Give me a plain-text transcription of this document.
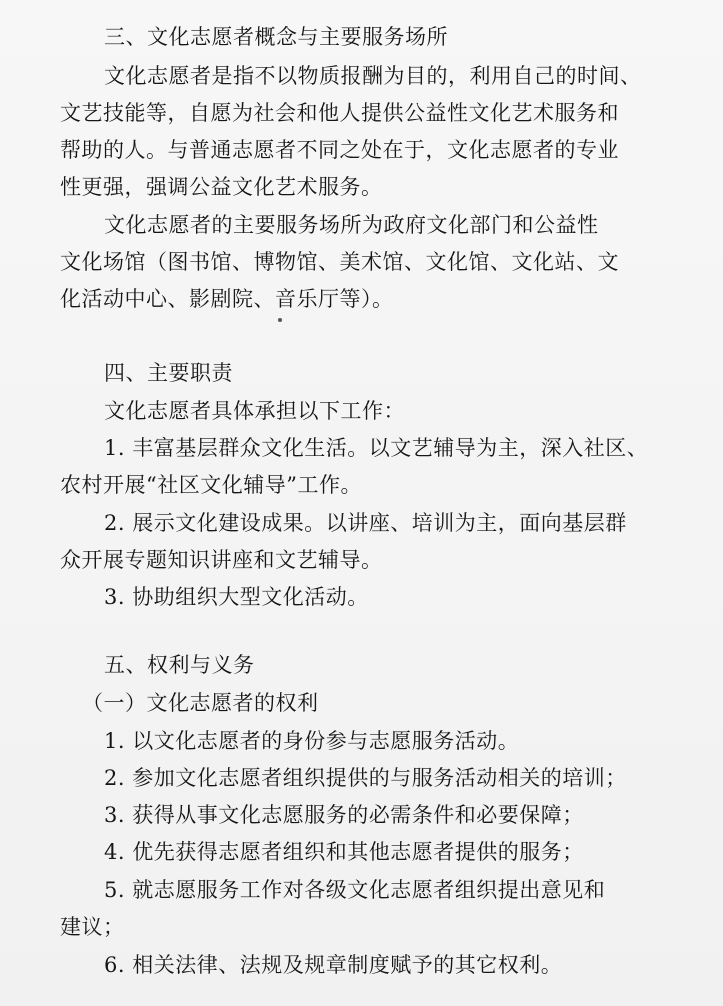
三、文化志愿者概念与主要服务场所
文化志愿者是指不以物质报酬为目的，利用自己的时间、
文艺技能等，自愿为社会和他人提供公益性文化艺术服务和
帮助的人。与普通志愿者不同之处在于，文化志愿者的专业
性更强，强调公益文化艺术服务。
文化志愿者的主要服务场所为政府文化部门和公益性
文化场馆（图书馆、博物馆、美术馆、文化馆、文化站、文
化活动中心、影剧院、音乐厅等）。
四、主要职责
文化志愿者具体承担以下工作：
1. 丰富基层群众文化生活。以文艺辅导为主，深入社区、
农村开展“社区文化辅导”工作。
2. 展示文化建设成果。以讲座、培训为主，面向基层群
众开展专题知识讲座和文艺辅导。
3. 协助组织大型文化活动。
五、权利与义务
（一）文化志愿者的权利
1. 以文化志愿者的身份参与志愿服务活动。
2. 参加文化志愿者组织提供的与服务活动相关的培训；
3. 获得从事文化志愿服务的必需条件和必要保障；
4. 优先获得志愿者组织和其他志愿者提供的服务；
5. 就志愿服务工作对各级文化志愿者组织提出意见和
建议；
6. 相关法律、法规及规章制度赋予的其它权利。
